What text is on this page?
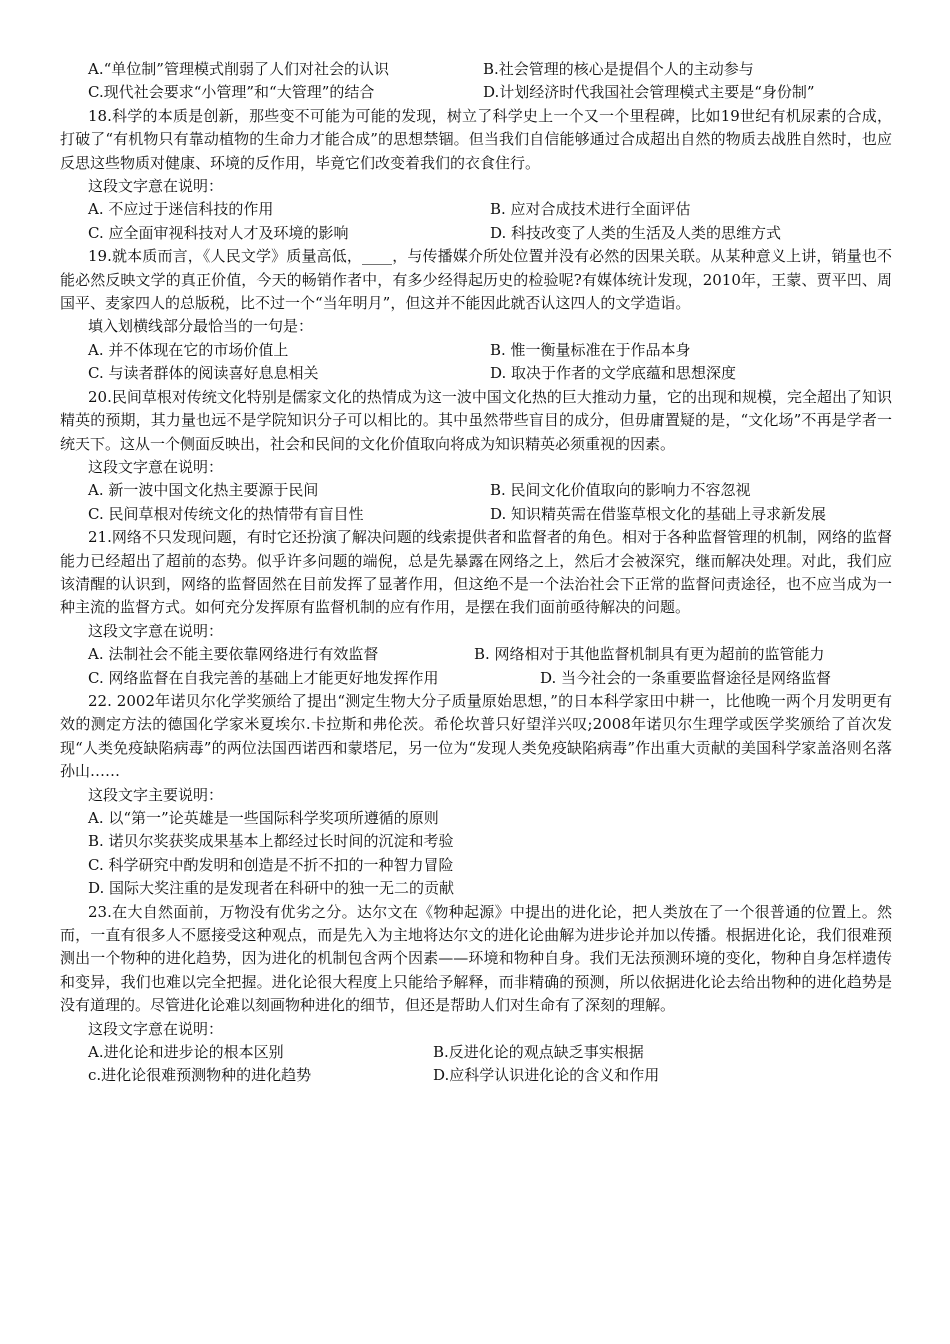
A.“单位制”管理模式削弱了人们对社会的认识	B.社会管理的核心是提倡个人的主动参与
C.现代社会要求“小管理”和“大管理”的结合	D.计划经济时代我国社会管理模式主要是“身份制”
18.科学的本质是创新，那些变不可能为可能的发现，树立了科学史上一个又一个里程碑，比如19世纪有机尿素的合成，打破了“有机物只有靠动植物的生命力才能合成”的思想禁锢。但当我们自信能够通过合成超出自然的物质去战胜自然时，也应反思这些物质对健康、环境的反作用，毕竟它们改变着我们的衣食住行。
这段文字意在说明：
A. 不应过于迷信科技的作用	B. 应对合成技术进行全面评估
C. 应全面审视科技对人才及环境的影响	D. 科技改变了人类的生活及人类的思维方式
19.就本质而言，《人民文学》质量高低，____，与传播媒介所处位置并没有必然的因果关联。从某种意义上讲，销量也不能必然反映文学的真正价值，今天的畅销作者中，有多少经得起历史的检验呢?有媒体统计发现，2010年，王蒙、贾平凹、周国平、麦家四人的总版税，比不过一个“当年明月”，但这并不能因此就否认这四人的文学造诣。
填入划横线部分最恰当的一句是：
A. 并不体现在它的市场价值上	B. 惟一衡量标准在于作品本身
C. 与读者群体的阅读喜好息息相关	D. 取决于作者的文学底蕴和思想深度
20.民间草根对传统文化特别是儒家文化的热情成为这一波中国文化热的巨大推动力量，它的出现和规模，完全超出了知识精英的预期，其力量也远不是学院知识分子可以相比的。其中虽然带些盲目的成分，但毋庸置疑的是，“文化场”不再是学者一统天下。这从一个侧面反映出，社会和民间的文化价值取向将成为知识精英必须重视的因素。
这段文字意在说明：
A. 新一波中国文化热主要源于民间	B. 民间文化价值取向的影响力不容忽视
C. 民间草根对传统文化的热情带有盲目性	D. 知识精英需在借鉴草根文化的基础上寻求新发展
21.网络不只发现问题，有时它还扮演了解决问题的线索提供者和监督者的角色。相对于各种监督管理的机制，网络的监督能力已经超出了超前的态势。似乎许多问题的端倪，总是先暴露在网络之上，然后才会被深究，继而解决处理。对此，我们应该清醒的认识到，网络的监督固然在目前发挥了显著作用，但这绝不是一个法治社会下正常的监督问责途径，也不应当成为一种主流的监督方式。如何充分发挥原有监督机制的应有作用，是摆在我们面前亟待解决的问题。
这段文字意在说明：
A. 法制社会不能主要依靠网络进行有效监督	B. 网络相对于其他监督机制具有更为超前的监管能力
C. 网络监督在自我完善的基础上才能更好地发挥作用	D. 当今社会的一条重要监督途径是网络监督
22. 2002年诺贝尔化学奖颁给了提出“测定生物大分子质量原始思想，”的日本科学家田中耕一，比他晚一两个月发明更有效的测定方法的德国化学家米夏埃尔.卡拉斯和弗伦茨。希伦坎普只好望洋兴叹;2008年诺贝尔生理学或医学奖颁给了首次发现“人类免疫缺陷病毒”的两位法国西诺西和蒙塔尼，另一位为“发现人类免疫缺陷病毒”作出重大贡献的美国科学家盖洛则名落孙山……
这段文字主要说明：
A. 以“第一”论英雄是一些国际科学奖项所遵循的原则
B. 诺贝尔奖获奖成果基本上都经过长时间的沉淀和考验
C. 科学研究中酌发明和创造是不折不扣的一种智力冒险
D. 国际大奖注重的是发现者在科研中的独一无二的贡献
23.在大自然面前，万物没有优劣之分。达尔文在《物种起源》中提出的进化论，把人类放在了一个很普通的位置上。然而，一直有很多人不愿接受这种观点，而是先入为主地将达尔文的进化论曲解为进步论并加以传播。根据进化论，我们很难预测出一个物种的进化趋势，因为进化的机制包含两个因素——环境和物种自身。我们无法预测环境的变化，物种自身怎样遗传和变异，我们也难以完全把握。进化论很大程度上只能给予解释，而非精确的预测，所以依据进化论去给出物种的进化趋势是没有道理的。尽管进化论难以刻画物种进化的细节，但还是帮助人们对生命有了深刻的理解。
这段文字意在说明：
A.进化论和进步论的根本区别	B.反进化论的观点缺乏事实根据
c.进化论很难预测物种的进化趋势	D.应科学认识进化论的含义和作用
